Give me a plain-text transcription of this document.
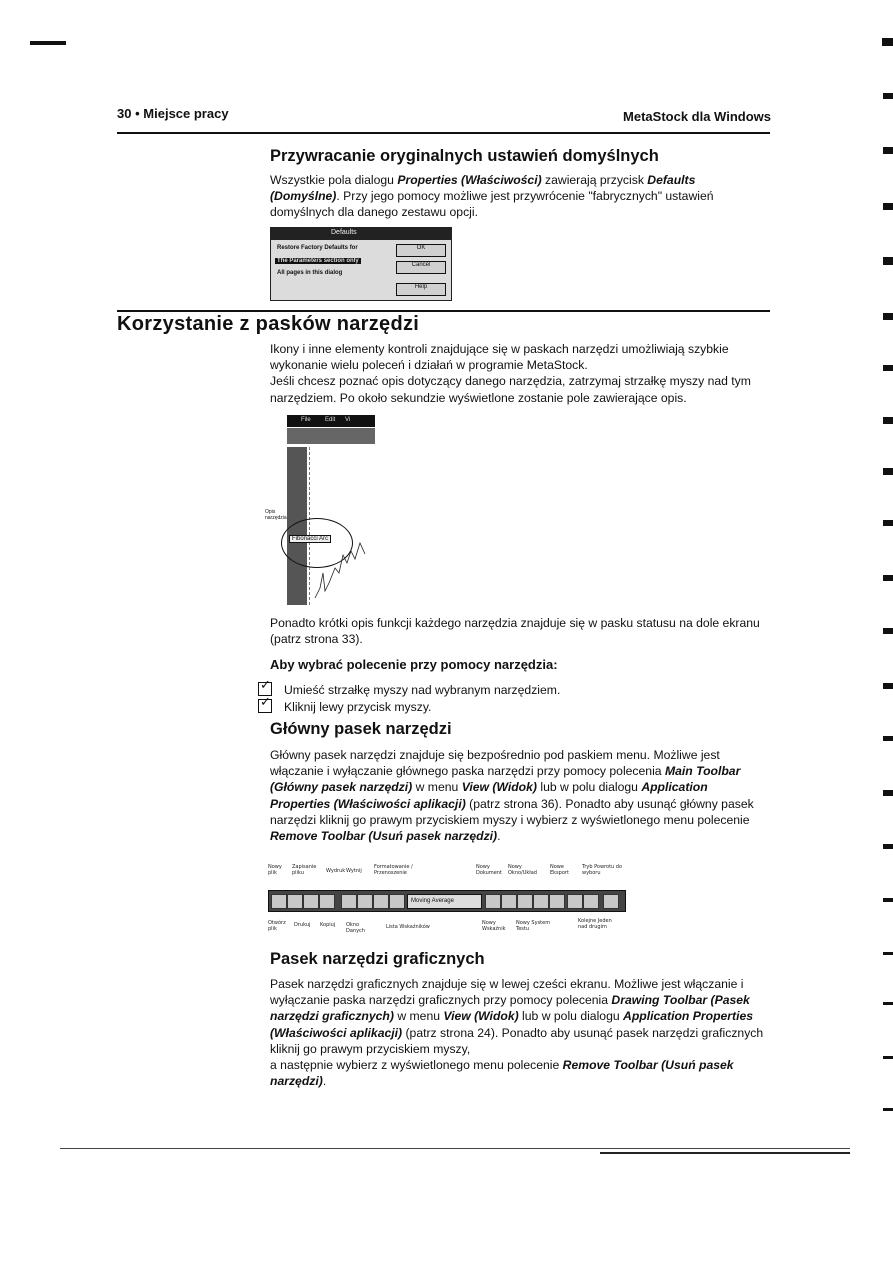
30 • Miejsce pracy	MetaStock dla Windows
Przywracanie oryginalnych ustawień domyślnych
Wszystkie pola dialogu Properties (Właściwości) zawierają przycisk Defaults
(Domyślne). Przy jego pomocy możliwe jest przywrócenie "fabrycznych" ustawień domyślnych dla danego zestawu opcji.
Defaults
Restore Factory Defaults for
The Parameters section only
All pages in this dialog
OK
Cancel
Help
Korzystanie z pasków narzędzi
Ikony i inne elementy kontroli znajdujące się w paskach narzędzi umożliwiają szybkie wykonanie wielu poleceń i działań w programie MetaStock.
Jeśli chcesz poznać opis dotyczący danego narzędzia, zatrzymaj strzałkę myszy nad tym narzędziem. Po około sekundzie wyświetlone zostanie pole zawierające opis.
File Edit Vi
Opis
narzędzia
Fibonacci Arc
Ponadto krótki opis funkcji każdego narzędzia znajduje się w pasku statusu na dole ekranu (patrz strona 33).
Aby wybrać polecenie przy pomocy narzędzia:
✓Umieść strzałkę myszy nad wybranym narzędziem.
✓Kliknij lewy przycisk myszy.
Główny pasek narzędzi
Główny pasek narzędzi znajduje się bezpośrednio pod paskiem menu. Możliwe jest włączanie i wyłączanie głównego paska narzędzi przy pomocy polecenia Main Toolbar (Główny pasek narzędzi) w menu View (Widok) lub w polu dialogu Application Properties (Właściwości aplikacji) (patrz strona 36). Ponadto aby usunąć główny pasek narzędzi kliknij go prawym przyciskiem myszy i wybierz z wyświetlonego menu polecenie Remove Toolbar (Usuń pasek narzędzi).
Nowy plik
Zapisanie pliku	Wydruk Wytnij
Formatowanie / Przenoszenie
Nowy Dokument
Nowy Okno/Układ
Nowe Eksport
Tryb Powrotu do wyboru
Moving Average
Otwórz plik
Drukuj	Kopiuj	Okno Danych
Lista Wskaźników
Nowy Wskaźnik
Nowy System Testu
Kolejne Jeden nad drugim
Pasek narzędzi graficznych
Pasek narzędzi graficznych znajduje się w lewej cześci ekranu. Możliwe jest włączanie i wyłączanie paska narzędzi graficznych przy pomocy polecenia Drawing Toolbar (Pasek narzędzi graficznych) w menu View (Widok) lub w polu dialogu Application Properties (Właściwości aplikacji) (patrz strona 24). Ponadto aby usunąć pasek narzędzi graficznych kliknij go prawym przyciskiem myszy,
a następnie wybierz z wyświetlonego menu polecenie Remove Toolbar (Usuń pasek narzędzi).
